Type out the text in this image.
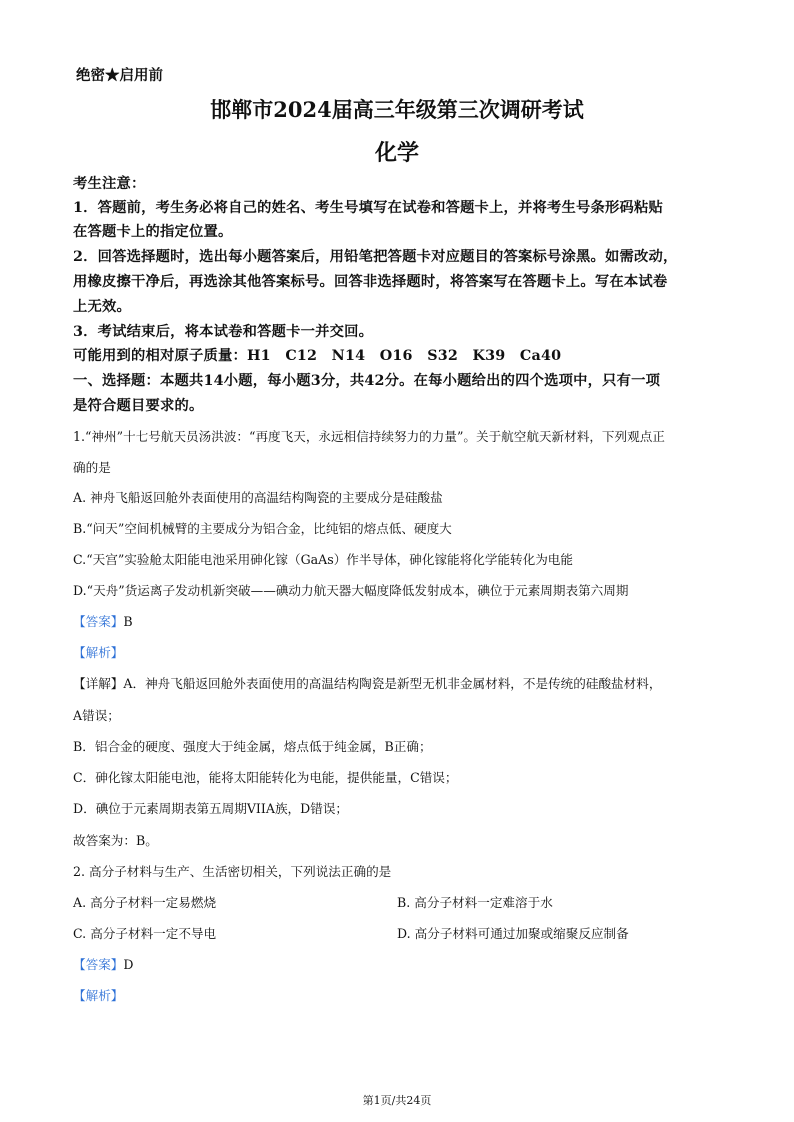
绝密★启用前
邯郸市2024届高三年级第三次调研考试
化学
考生注意：
1．答题前，考生务必将自己的姓名、考生号填写在试卷和答题卡上，并将考生号条形码粘贴
在答题卡上的指定位置。
2．回答选择题时，选出每小题答案后，用铅笔把答题卡对应题目的答案标号涂黑。如需改动，
用橡皮擦干净后，再选涂其他答案标号。回答非选择题时，将答案写在答题卡上。写在本试卷
上无效。
3．考试结束后，将本试卷和答题卡一并交回。
可能用到的相对原子质量：H1　C12　N14　O16　S32　K39　Ca40
一、选择题：本题共14小题，每小题3分，共42分。在每小题给出的四个选项中，只有一项
是符合题目要求的。
1.“神州”十七号航天员汤洪波：“再度飞天，永远相信持续努力的力量”。关于航空航天新材料，下列观点正
确的是
A. 神舟飞船返回舱外表面使用的高温结构陶瓷的主要成分是硅酸盐
B.“问天”空间机械臂的主要成分为铝合金，比纯铝的熔点低、硬度大
C.“天宫”实验舱太阳能电池采用砷化镓（GaAs）作半导体，砷化镓能将化学能转化为电能
D.“天舟”货运离子发动机新突破——碘动力航天器大幅度降低发射成本，碘位于元素周期表第六周期
【答案】B
【解析】
【详解】A．神舟飞船返回舱外表面使用的高温结构陶瓷是新型无机非金属材料，不是传统的硅酸盐材料，
A错误；
B．铝合金的硬度、强度大于纯金属，熔点低于纯金属，B正确；
C．砷化镓太阳能电池，能将太阳能转化为电能，提供能量，C错误；
D．碘位于元素周期表第五周期VIIA族，D错误；
故答案为：B。
2. 高分子材料与生产、生活密切相关，下列说法正确的是
A. 高分子材料一定易燃烧	B. 高分子材料一定难溶于水
C. 高分子材料一定不导电	D. 高分子材料可通过加聚或缩聚反应制备
【答案】D
【解析】
第1页/共24页
